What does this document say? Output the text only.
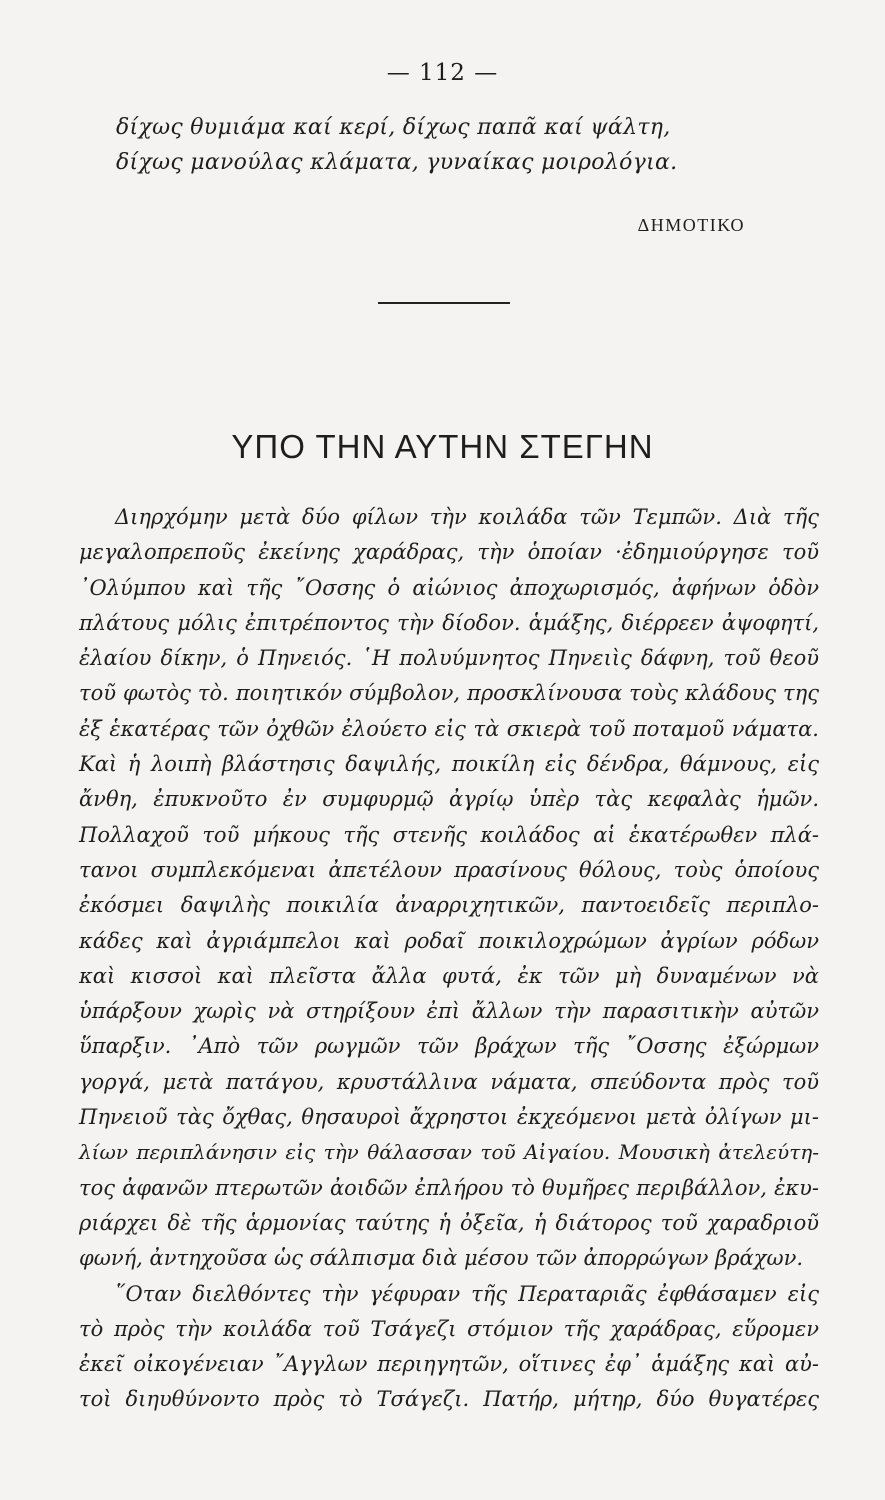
— 112 —
δίχως θυμιάμα καί κερί, δίχως παπᾶ καί ψάλτη,
δίχως μανούλας κλάματα, γυναίκας μοιρολόγια.
ΔΗΜΟΤΙΚΟ
ΥΠΟ ΤΗΝ ΑΥΤΗΝ ΣΤΕΓΗΝ
Διηρχόμην μετὰ δύο φίλων τὴν κοιλάδα τῶν Τεμπῶν. Διὰ τῆς
μεγαλοπρεποῦς ἐκείνης χαράδρας, τὴν ὁποίαν ·ἐδημιούργησε τοῦ
᾿Ολύμπου καὶ τῆς ῎Οσσης ὁ αἰώνιος ἀποχωρισμός, ἀφήνων ὁδὸν
πλάτους μόλις ἐπιτρέποντος τὴν δίοδον. ἁμάξης, διέρρεεν ἀψοφητί,
ἐλαίου δίκην, ὁ Πηνειός. ῾Η πολυύμνητος Πηνειὶς δάφνη, τοῦ θεοῦ
τοῦ φωτὸς τὸ. ποιητικόν σύμβολον, προσκλίνουσα τοὺς κλάδους της
ἐξ ἑκατέρας τῶν ὀχθῶν ἐλούετο εἰς τὰ σκιερὰ τοῦ ποταμοῦ νάματα.
Καὶ ἡ λοιπὴ βλάστησις δαψιλής, ποικίλη εἰς δένδρα, θάμνους, εἰς
ἄνθη, ἐπυκνοῦτο ἐν συμφυρμῷ ἀγρίῳ ὑπὲρ τὰς κεφαλὰς ἡμῶν.
Πολλαχοῦ τοῦ μήκους τῆς στενῆς κοιλάδος αἱ ἑκατέρωθεν πλά-
τανοι συμπλεκόμεναι ἀπετέλουν πρασίνους θόλους, τοὺς ὁποίους
ἐκόσμει δαψιλὴς ποικιλία ἀναρριχητικῶν, παντοειδεῖς περιπλο-
κάδες καὶ ἀγριάμπελοι καὶ ροδαῖ ποικιλοχρώμων ἀγρίων ρόδων
καὶ κισσοὶ καὶ πλεῖστα ἄλλα φυτά, ἐκ τῶν μὴ δυναμένων νὰ
ὑπάρξουν χωρὶς νὰ στηρίξουν ἐπὶ ἄλλων τὴν παρασιτικὴν αὐτῶν
ὕπαρξιν. ᾿Απὸ τῶν ρωγμῶν τῶν βράχων τῆς ῎Οσσης ἐξώρμων
γοργά, μετὰ πατάγου, κρυστάλλινα νάματα, σπεύδοντα πρὸς τοῦ
Πηνειοῦ τὰς ὄχθας, θησαυροὶ ἄχρηστοι ἐκχεόμενοι μετὰ ὀλίγων μι-
λίων περιπλάνησιν εἰς τὴν θάλασσαν τοῦ Αἰγαίου. Μουσικὴ ἀτελεύτη-
τος ἀφανῶν πτερωτῶν ἀοιδῶν ἐπλήρου τὸ θυμῆρες περιβάλλον, ἐκυ-
ριάρχει δὲ τῆς ἁρμονίας ταύτης ἡ ὀξεῖα, ἡ διάτορος τοῦ χαραδριοῦ
φωνή, ἀντηχοῦσα ὡς σάλπισμα διὰ μέσου τῶν ἀπορρώγων βράχων.
῞Οταν διελθόντες τὴν γέφυραν τῆς Περαταριᾶς ἐφθάσαμεν εἰς
τὸ πρὸς τὴν κοιλάδα τοῦ Τσάγεζι στόμιον τῆς χαράδρας, εὕρομεν
ἐκεῖ οἰκογένειαν ῎Αγγλων περιηγητῶν, οἵτινες ἐφ᾿ ἁμάξης καὶ αὐ-
τοὶ διηυθύνοντο πρὸς τὸ Τσάγεζι. Πατήρ, μήτηρ, δύο θυγατέρες
